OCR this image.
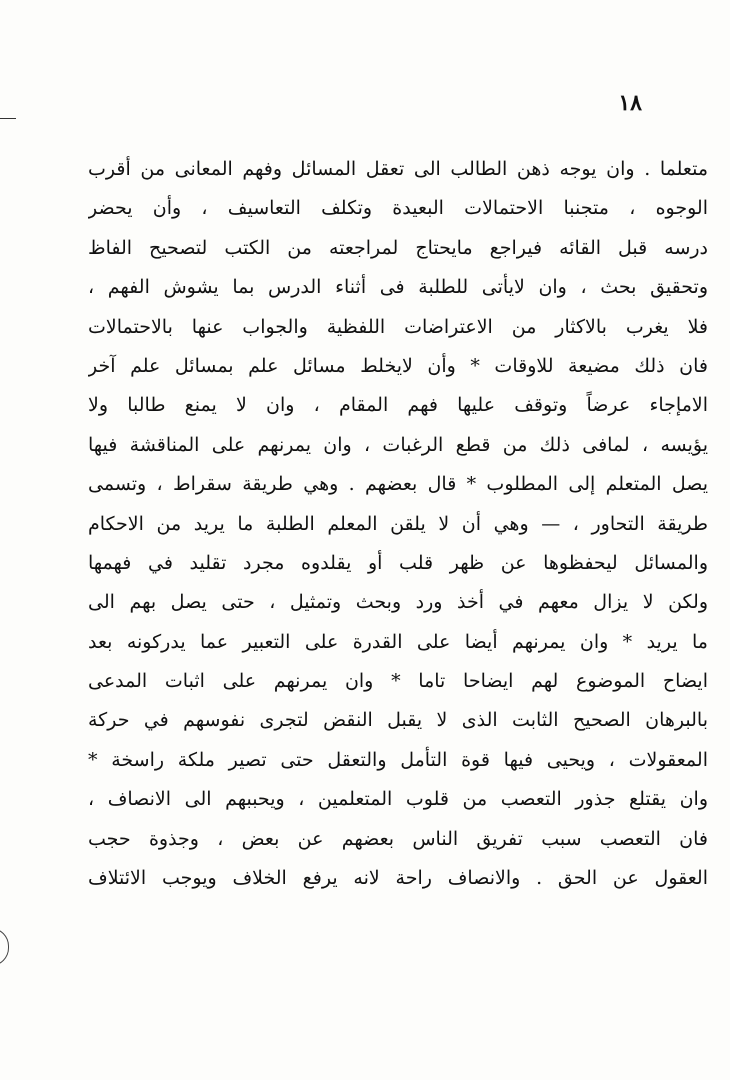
١٨
متعلما . وان يوجه ذهن الطالب الى تعقل المسائل وفهم المعانى من أقرب
الوجوه ، متجنبا الاحتمالات البعيدة وتكلف التعاسيف ، وأن يحضر
درسه قبل القائه فيراجع مايحتاج لمراجعته من الكتب لتصحيح الفاظ
وتحقيق بحث ، وان لايأتى للطلبة فى أثناء الدرس بما يشوش الفهم ،
فلا يغرب بالاكثار من الاعتراضات اللفظية والجواب عنها بالاحتمالات
فان ذلك مضيعة للاوقات * وأن لايخلط مسائل علم بمسائل علم آخر
الامإجاء عرضاً وتوقف عليها فهم المقام ، وان لا يمنع طالبا ولا
يؤيسه ، لمافى ذلك من قطع الرغبات ، وان يمرنهم على المناقشة فيها
يصل المتعلم إلى المطلوب * قال بعضهم . وهي طريقة سقراط ، وتسمى
طريقة التحاور ، — وهي أن لا يلقن المعلم الطلبة ما يريد من الاحكام
والمسائل ليحفظوها عن ظهر قلب أو يقلدوه مجرد تقليد في فهمها
ولكن لا يزال معهم في أخذ ورد وبحث وتمثيل ، حتى يصل بهم الى
ما يريد * وان يمرنهم أيضا على القدرة على التعبير عما يدركونه بعد
ايضاح الموضوع لهم ايضاحا تاما * وان يمرنهم على اثبات المدعى
بالبرهان الصحيح الثابت الذى لا يقبل النقض لتجرى نفوسهم في حركة
المعقولات ، ويحيى فيها قوة التأمل والتعقل حتى تصير ملكة راسخة *
وان يقتلع جذور التعصب من قلوب المتعلمين ، ويحببهم الى الانصاف ،
فان التعصب سبب تفريق الناس بعضهم عن بعض ، وجذوة حجب
العقول عن الحق . والانصاف راحة لانه يرفع الخلاف ويوجب الائتلاف
